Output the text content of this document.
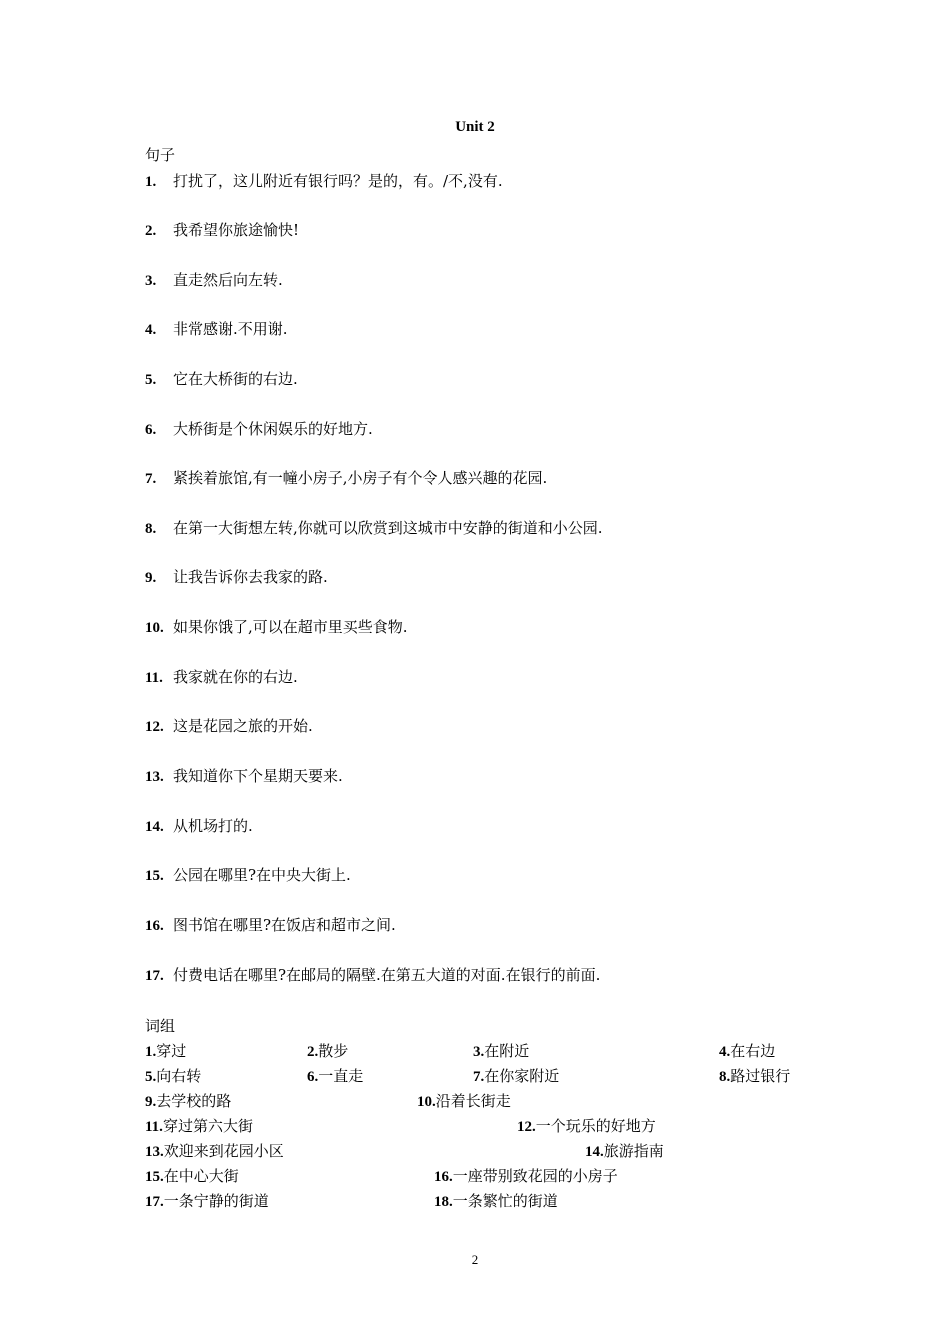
Unit 2
句子
1. 打扰了，这儿附近有银行吗？是的，有。/不,没有.
2. 我希望你旅途愉快!
3. 直走然后向左转.
4. 非常感谢.不用谢.
5. 它在大桥街的右边.
6. 大桥街是个休闲娱乐的好地方.
7. 紧挨着旅馆,有一幢小房子,小房子有个令人感兴趣的花园.
8. 在第一大街想左转,你就可以欣赏到这城市中安静的街道和小公园.
9. 让我告诉你去我家的路.
10. 如果你饿了,可以在超市里买些食物.
11. 我家就在你的右边.
12. 这是花园之旅的开始.
13. 我知道你下个星期天要来.
14. 从机场打的.
15. 公园在哪里?在中央大街上.
16. 图书馆在哪里?在饭店和超市之间.
17. 付费电话在哪里?在邮局的隔壁.在第五大道的对面.在银行的前面.
词组
1.穿过	2.散步	3.在附近	4.在右边
5.向右转	6.一直走	7.在你家附近	8.路过银行
9.去学校的路	10.沿着长街走
11.穿过第六大街	12.一个玩乐的好地方
13.欢迎来到花园小区	14.旅游指南
15.在中心大街	16.一座带别致花园的小房子
17.一条宁静的街道	18.一条繁忙的街道
2
